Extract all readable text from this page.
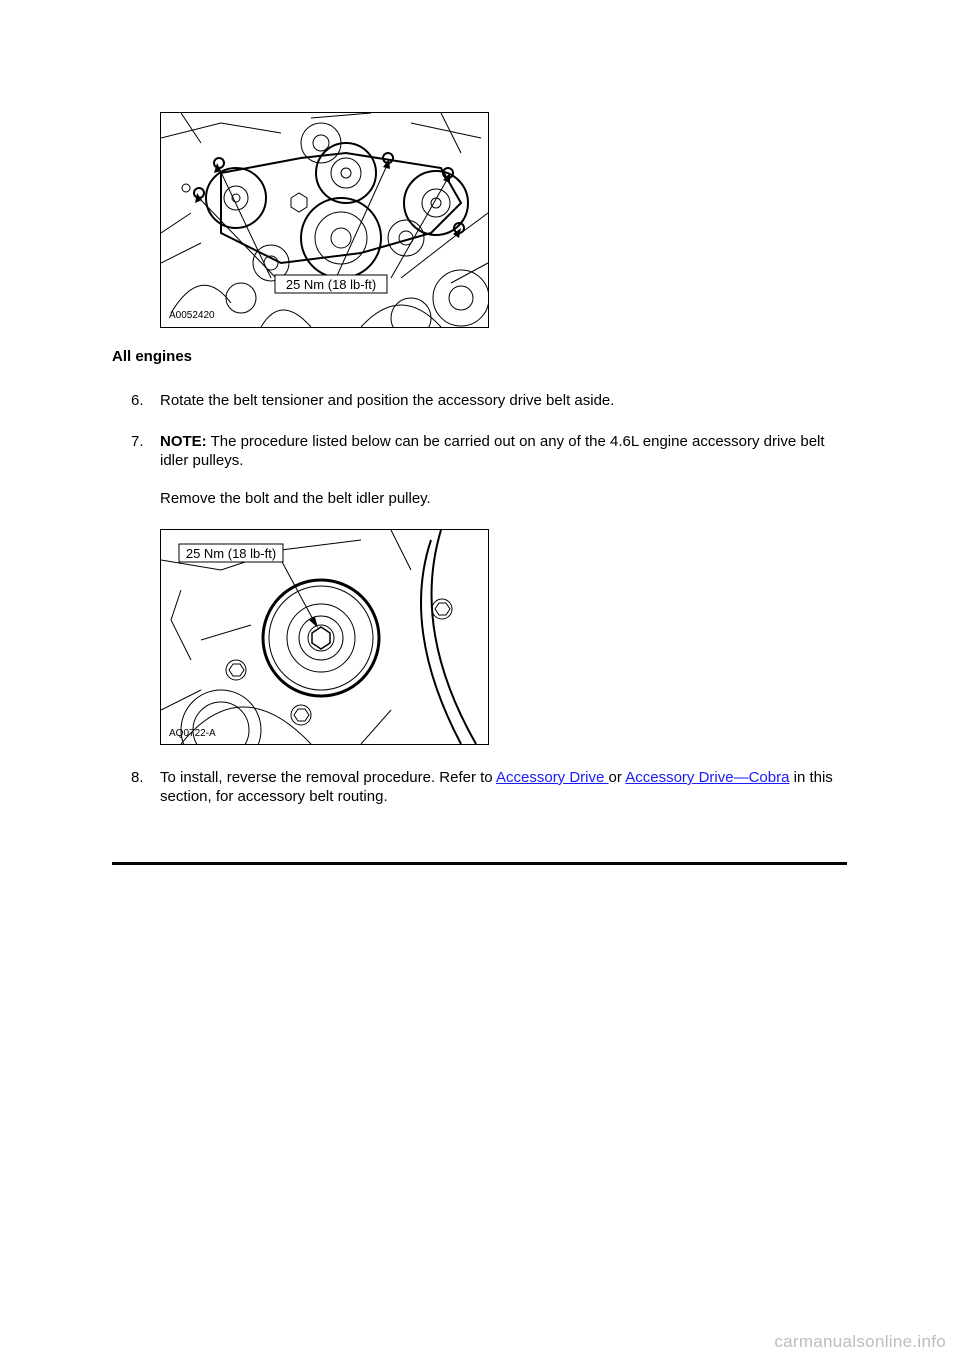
25 Nm (18 lb-ft)
A0052420
All engines
6. Rotate the belt tensioner and position the accessory drive belt aside.
7. NOTE: The procedure listed below can be carried out on any of the 4.6L engine accessory drive belt idler pulleys.
Remove the bolt and the belt idler pulley.
25 Nm (18 lb-ft)
AQ0722-A
8. To install, reverse the removal procedure. Refer to Accessory Drive or Accessory Drive—Cobra in this section, for accessory belt routing.
carmanualsonline.info
